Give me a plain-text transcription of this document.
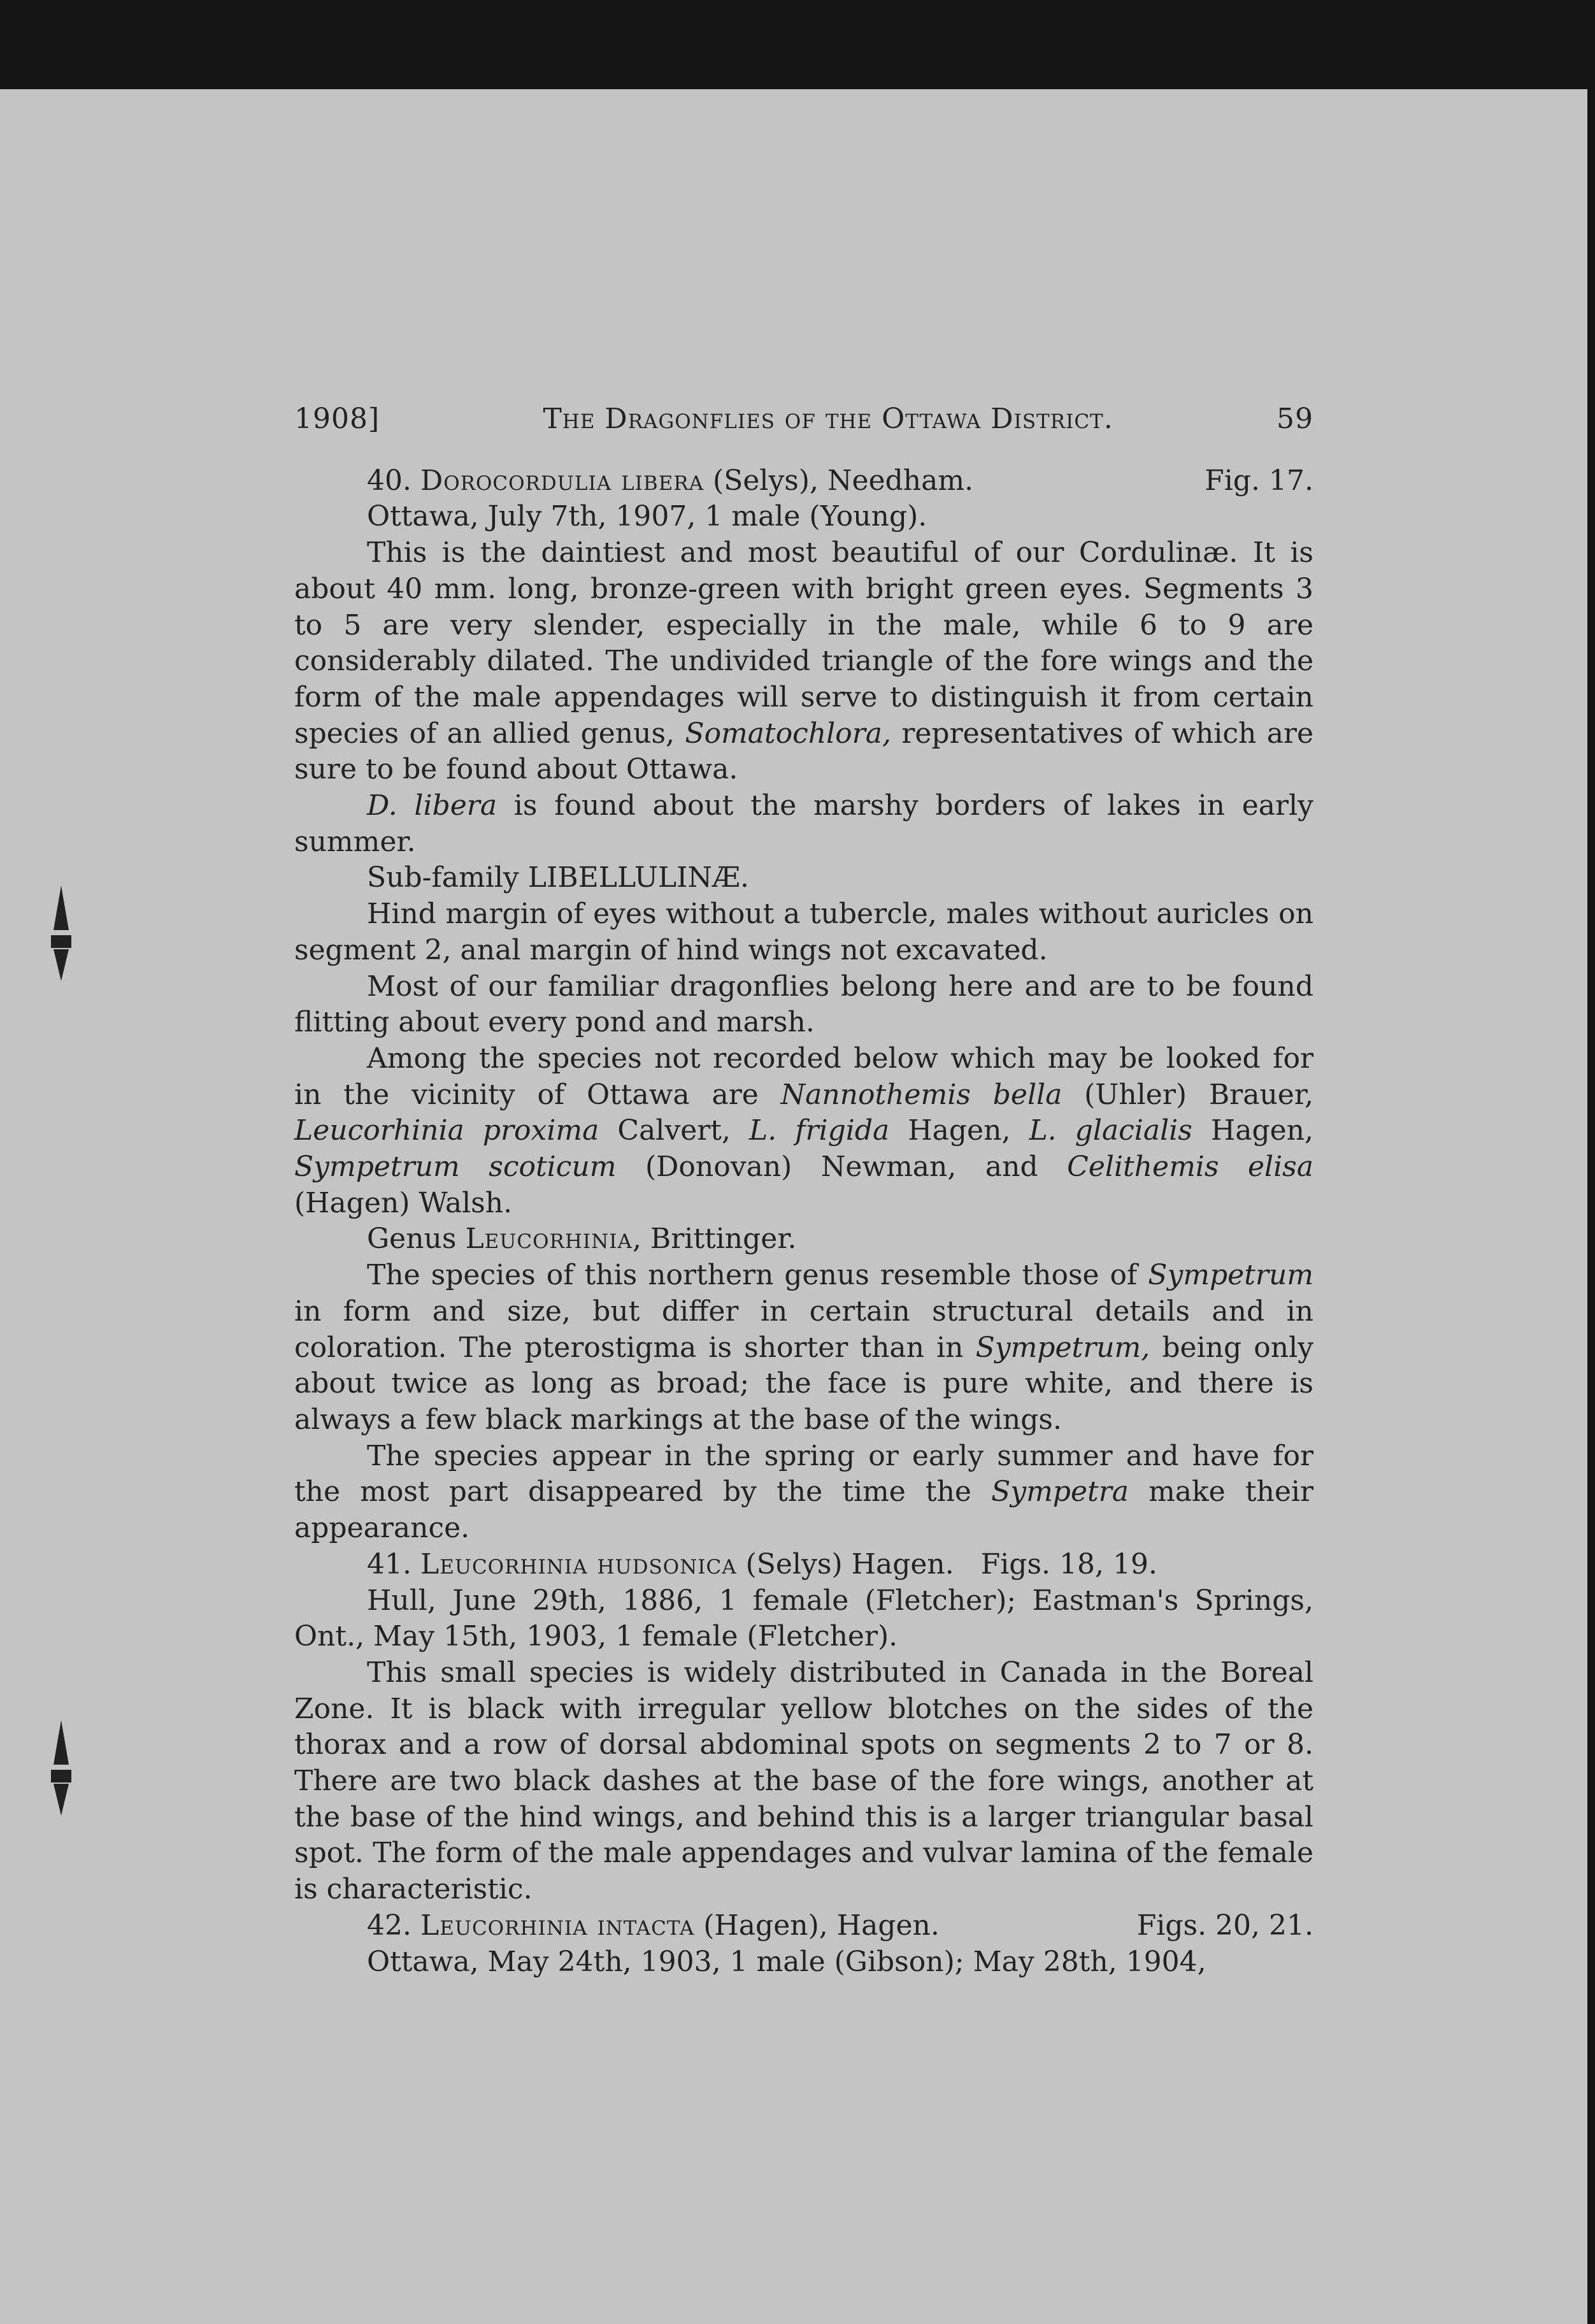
1908]	The Dragonflies of the Ottawa District.	59

40. Dorocordulia libera (Selys), Needham.	Fig. 17.

Ottawa, July 7th, 1907, 1 male (Young).

This is the daintiest and most beautiful of our Cordulinæ. It is about 40 mm. long, bronze-green with bright green eyes. Segments 3 to 5 are very slender, especially in the male, while 6 to 9 are considerably dilated. The undivided triangle of the fore wings and the form of the male appendages will serve to distinguish it from certain species of an allied genus, Somatochlora, representatives of which are sure to be found about Ottawa.

D. libera is found about the marshy borders of lakes in early summer.

Sub-family LIBELLULINÆ.

Hind margin of eyes without a tubercle, males without auricles on segment 2, anal margin of hind wings not excavated.

Most of our familiar dragonflies belong here and are to be found flitting about every pond and marsh.

Among the species not recorded below which may be looked for in the vicinity of Ottawa are Nannothemis bella (Uhler) Brauer, Leucorhinia proxima Calvert, L. frigida Hagen, L. glacialis Hagen, Sympetrum scoticum (Donovan) Newman, and Celithemis elisa (Hagen) Walsh.

Genus Leucorhinia, Brittinger.

The species of this northern genus resemble those of Sympetrum in form and size, but differ in certain structural details and in coloration. The pterostigma is shorter than in Sympetrum, being only about twice as long as broad; the face is pure white, and there is always a few black markings at the base of the wings.

The species appear in the spring or early summer and have for the most part disappeared by the time the Sympetra make their appearance.

41. Leucorhinia hudsonica (Selys) Hagen. Figs. 18, 19.

Hull, June 29th, 1886, 1 female (Fletcher); Eastman's Springs, Ont., May 15th, 1903, 1 female (Fletcher).

This small species is widely distributed in Canada in the Boreal Zone. It is black with irregular yellow blotches on the sides of the thorax and a row of dorsal abdominal spots on segments 2 to 7 or 8. There are two black dashes at the base of the fore wings, another at the base of the hind wings, and behind this is a larger triangular basal spot. The form of the male appendages and vulvar lamina of the female is characteristic.

42. Leucorhinia intacta (Hagen), Hagen.	Figs. 20, 21.

Ottawa, May 24th, 1903, 1 male (Gibson); May 28th, 1904,
